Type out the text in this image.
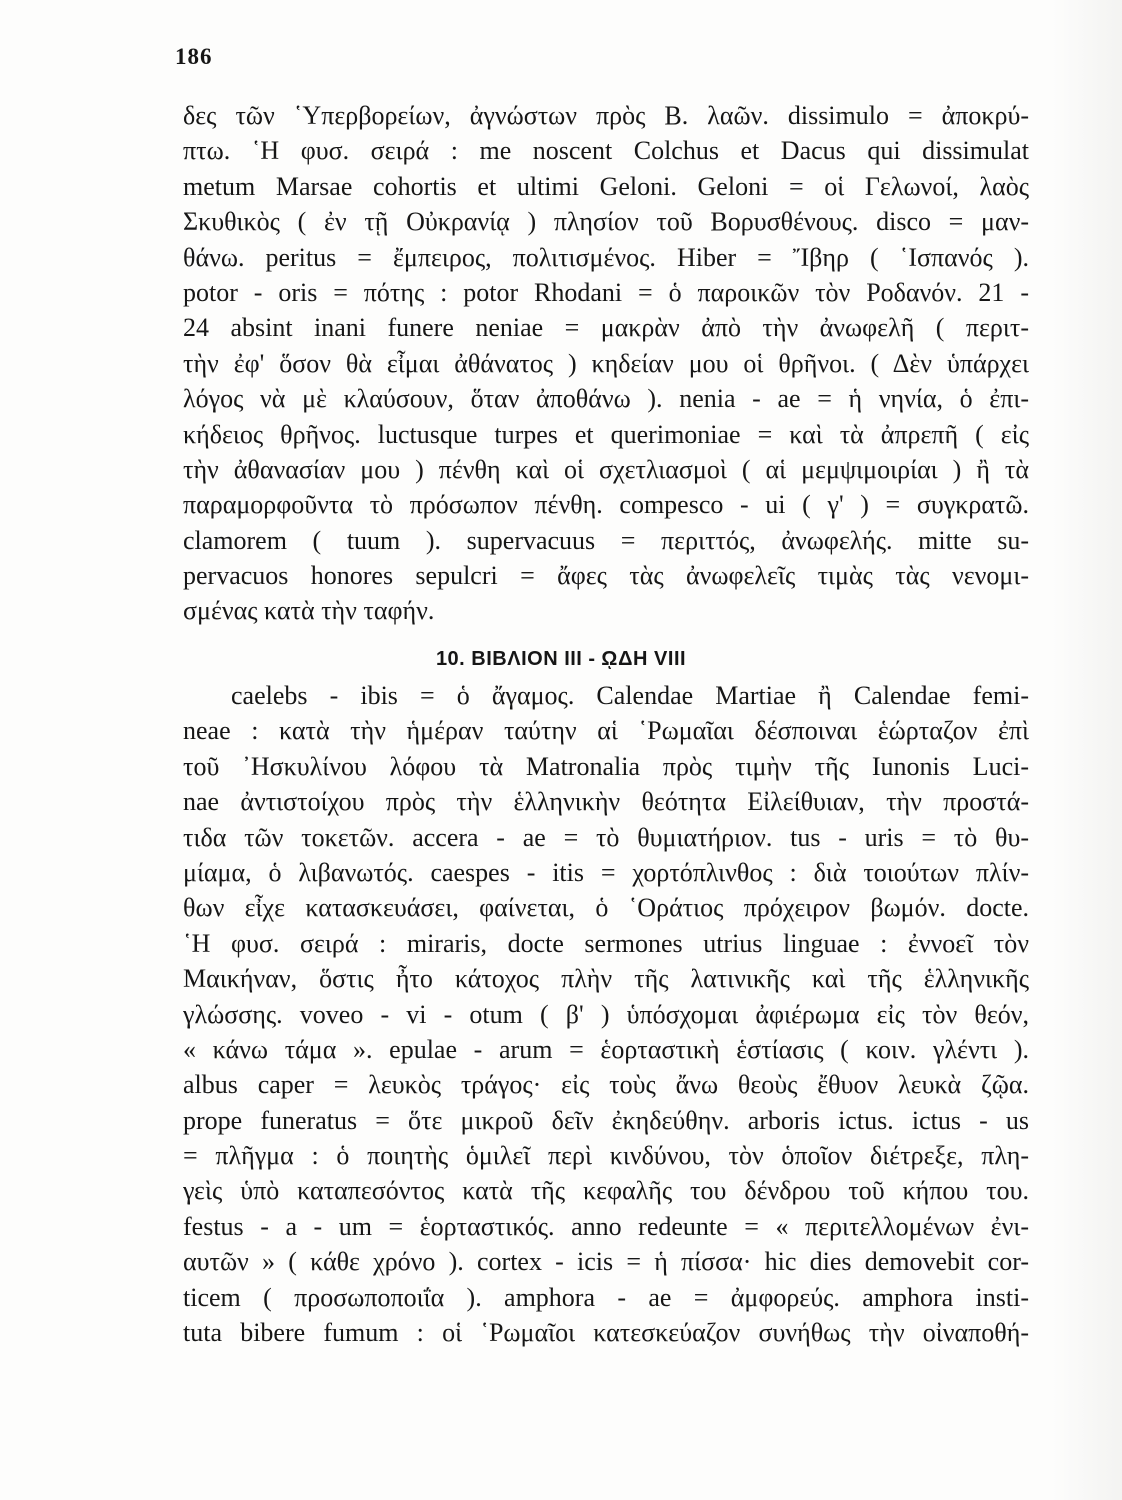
186
δες τῶν ῾Υπερβορείων, ἀγνώστων πρὸς Β. λαῶν. dissimulo = ἀποκρύ-
πτω. ῾Η φυσ. σειρά : me noscent Colchus et Dacus qui dissimulat
metum Marsae cohortis et ultimi Geloni. Geloni = οἱ Γελωνοί, λαὸς
Σκυθικὸς ( ἐν τῇ Οὐκρανίᾳ ) πλησίον τοῦ Βορυσθένους. disco = μαν-
θάνω. peritus = ἔμπειρος, πολιτισμένος. Hiber = Ἴβηρ ( ῾Ισπανός ).
potor - oris = πότης : potor Rhodani = ὁ παροικῶν τὸν Ροδανόν. 21 -
24 absint inani funere neniae = μακρὰν ἀπὸ τὴν ἀνωφελῆ ( περιτ-
τὴν ἐφ' ὅσον θὰ εἶμαι ἀθάνατος ) κηδείαν μου οἱ θρῆνοι. ( Δὲν ὑπάρχει
λόγος νὰ μὲ κλαύσουν, ὅταν ἀποθάνω ). nenia - ae = ἡ νηνία, ὁ ἐπι-
κήδειος θρῆνος. luctusque turpes et querimoniae = καὶ τὰ ἀπρεπῆ ( εἰς
τὴν ἀθανασίαν μου ) πένθη καὶ οἱ σχετλιασμοὶ ( αἱ μεμψιμοιρίαι ) ἢ τὰ
παραμορφοῦντα τὸ πρόσωπον πένθη. compesco - ui ( γ' ) = συγκρατῶ.
clamorem ( tuum ). supervacuus = περιττός, ἀνωφελής. mitte su-
pervacuos honores sepulcri = ἄφες τὰς ἀνωφελεῖς τιμὰς τὰς νενομι-
σμένας κατὰ τὴν ταφήν.
10. ΒΙΒΛΙΟΝ ΙΙΙ - ῼΔΗ VIII
caelebs - ibis = ὁ ἄγαμος. Calendae Martiae ἢ Calendae femi-
neae : κατὰ τὴν ἡμέραν ταύτην αἱ ῾Ρωμαῖαι δέσποιναι ἑώρταζον ἐπὶ
τοῦ ᾿Ησκυλίνου λόφου τὰ Matronalia πρὸς τιμὴν τῆς Iunonis Luci-
nae ἀντιστοίχου πρὸς τὴν ἑλληνικὴν θεότητα Εἰλείθυιαν, τὴν προστά-
τιδα τῶν τοκετῶν. accera - ae = τὸ θυμιατήριον. tus - uris = τὸ θυ-
μίαμα, ὁ λιβανωτός. caespes - itis = χορτόπλινθος : διὰ τοιούτων πλίν-
θων εἶχε κατασκευάσει, φαίνεται, ὁ ῾Οράτιος πρόχειρον βωμόν. docte.
῾Η φυσ. σειρά : miraris, docte sermones utrius linguae : ἐννοεῖ τὸν
Μαικήναν, ὅστις ἦτο κάτοχος πλὴν τῆς λατινικῆς καὶ τῆς ἑλληνικῆς
γλώσσης. voveo - vi - otum ( β' ) ὑπόσχομαι ἀφιέρωμα εἰς τὸν θεόν,
« κάνω τάμα ». epulae - arum = ἑορταστικὴ ἑστίασις ( κοιν. γλέντι ).
albus caper = λευκὸς τράγος· εἰς τοὺς ἄνω θεοὺς ἔθυον λευκὰ ζῷα.
prope funeratus = ὅτε μικροῦ δεῖν ἐκηδεύθην. arboris ictus. ictus - us
= πλῆγμα : ὁ ποιητὴς ὁμιλεῖ περὶ κινδύνου, τὸν ὁποῖον διέτρεξε, πλη-
γεὶς ὑπὸ καταπεσόντος κατὰ τῆς κεφαλῆς του δένδρου τοῦ κήπου του.
festus - a - um = ἑορταστικός. anno redeunte = « περιτελλομένων ἐνι-
αυτῶν » ( κάθε χρόνο ). cortex - icis = ἡ πίσσα· hic dies demovebit cor-
ticem ( προσωποποιΐα ). amphora - ae = ἀμφορεύς. amphora insti-
tuta bibere fumum : οἱ ῾Ρωμαῖοι κατεσκεύαζον συνήθως τὴν οἰναποθή-
